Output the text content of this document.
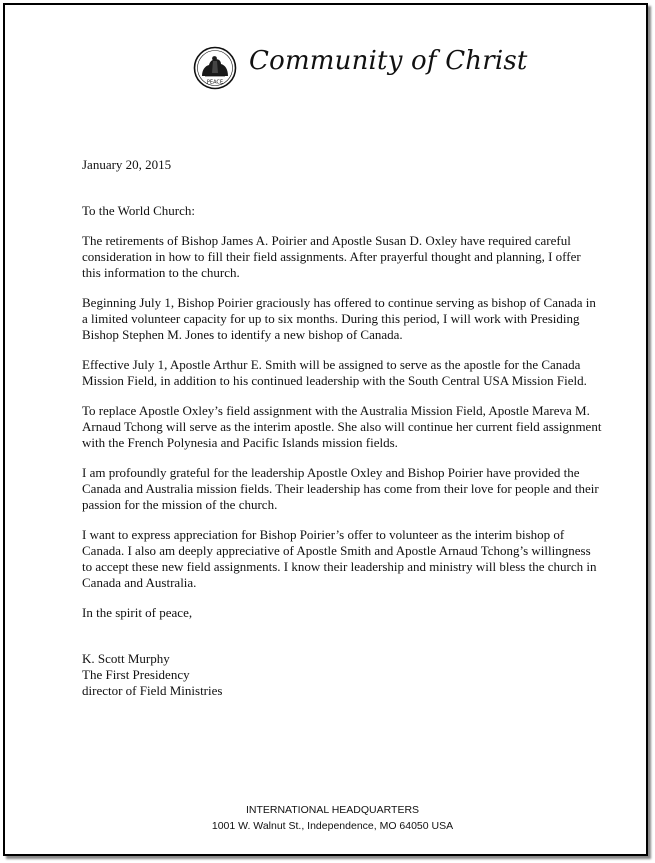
PEACE
Community of Christ

January 20, 2015

To the World Church:

The retirements of Bishop James A. Poirier and Apostle Susan D. Oxley have required careful consideration in how to fill their field assignments. After prayerful thought and planning, I offer this information to the church.

Beginning July 1, Bishop Poirier graciously has offered to continue serving as bishop of Canada in a limited volunteer capacity for up to six months. During this period, I will work with Presiding Bishop Stephen M. Jones to identify a new bishop of Canada.

Effective July 1, Apostle Arthur E. Smith will be assigned to serve as the apostle for the Canada Mission Field, in addition to his continued leadership with the South Central USA Mission Field.

To replace Apostle Oxley’s field assignment with the Australia Mission Field, Apostle Mareva M. Arnaud Tchong will serve as the interim apostle. She also will continue her current field assignment with the French Polynesia and Pacific Islands mission fields.

I am profoundly grateful for the leadership Apostle Oxley and Bishop Poirier have provided the Canada and Australia mission fields. Their leadership has come from their love for people and their passion for the mission of the church.

I want to express appreciation for Bishop Poirier’s offer to volunteer as the interim bishop of Canada. I also am deeply appreciative of Apostle Smith and Apostle Arnaud Tchong’s willingness to accept these new field assignments. I know their leadership and ministry will bless the church in Canada and Australia.

In the spirit of peace,

K. Scott Murphy

The First Presidency

director of Field Ministries

INTERNATIONAL HEADQUARTERS
1001 W. Walnut St., Independence, MO 64050 USA
